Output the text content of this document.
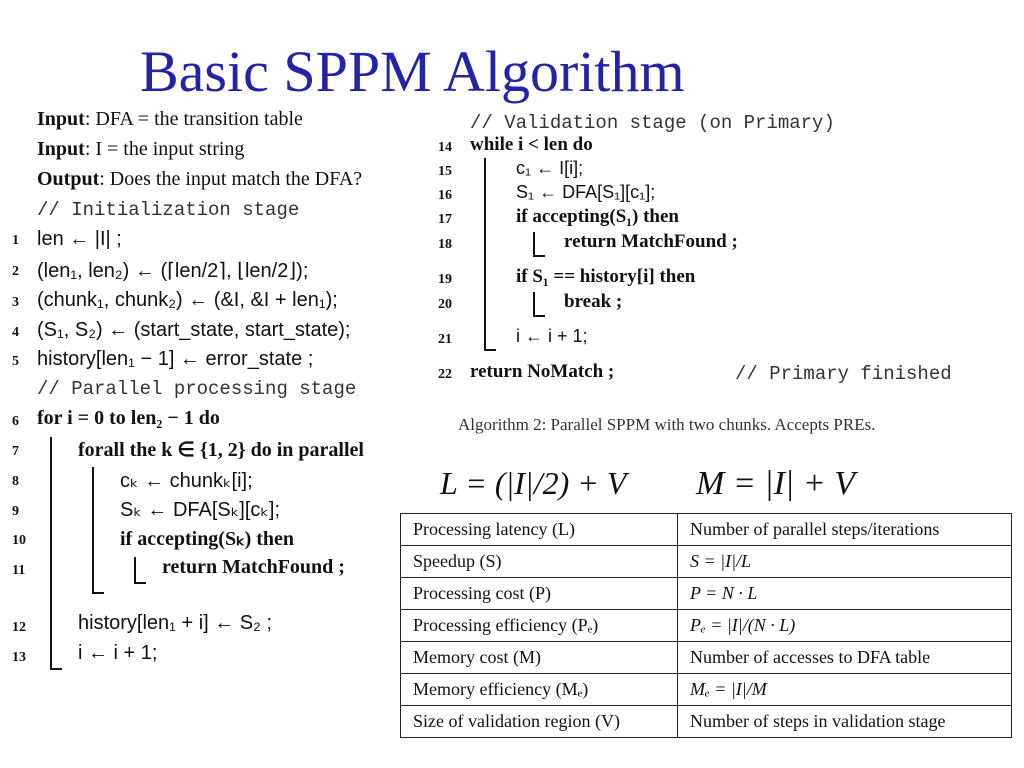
Basic SPPM Algorithm
Input: DFA = the transition table
Input: I = the input string
Output: Does the input match the DFA?
// Initialization stage
1 len ← |I| ;
2 (len₁, len₂) ← (⌈len/2⌉, ⌊len/2⌋);
3 (chunk₁, chunk₂) ← (&I, &I + len₁);
4 (S₁, S₂) ← (start_state, start_state);
5 history[len₁ − 1] ← error_state ;
// Parallel processing stage
6 for i = 0 to len₂ − 1 do
7	forall the k ∈ {1, 2} do in parallel
8	cₖ ← chunkₖ[i];
9	Sₖ ← DFA[Sₖ][cₖ];
10	if accepting(Sₖ) then
11	return MatchFound ;
12	history[len₁ + i] ← S₂ ;
13	i ← i + 1;
// Validation stage (on Primary)
14 while i < len do
15	c₁ ← I[i];
16	S₁ ← DFA[S₁][c₁];
17	if accepting(S₁) then
18	return MatchFound ;
19	if S₁ == history[i] then
20	break ;
21	i ← i + 1;
22 return NoMatch ;	// Primary finished
Algorithm 2: Parallel SPPM with two chunks. Accepts PREs.
L = (|I|/2) + V M = |I| + V
Processing latency (L)	Number of parallel steps/iterations
Speedup (S)	S = |I|/L
Processing cost (P)	P = N · L
Processing efficiency (Pₑ)	Pₑ = |I|/(N · L)
Memory cost (M)	Number of accesses to DFA table
Memory efficiency (Mₑ)	Mₑ = |I|/M
Size of validation region (V)	Number of steps in validation stage
